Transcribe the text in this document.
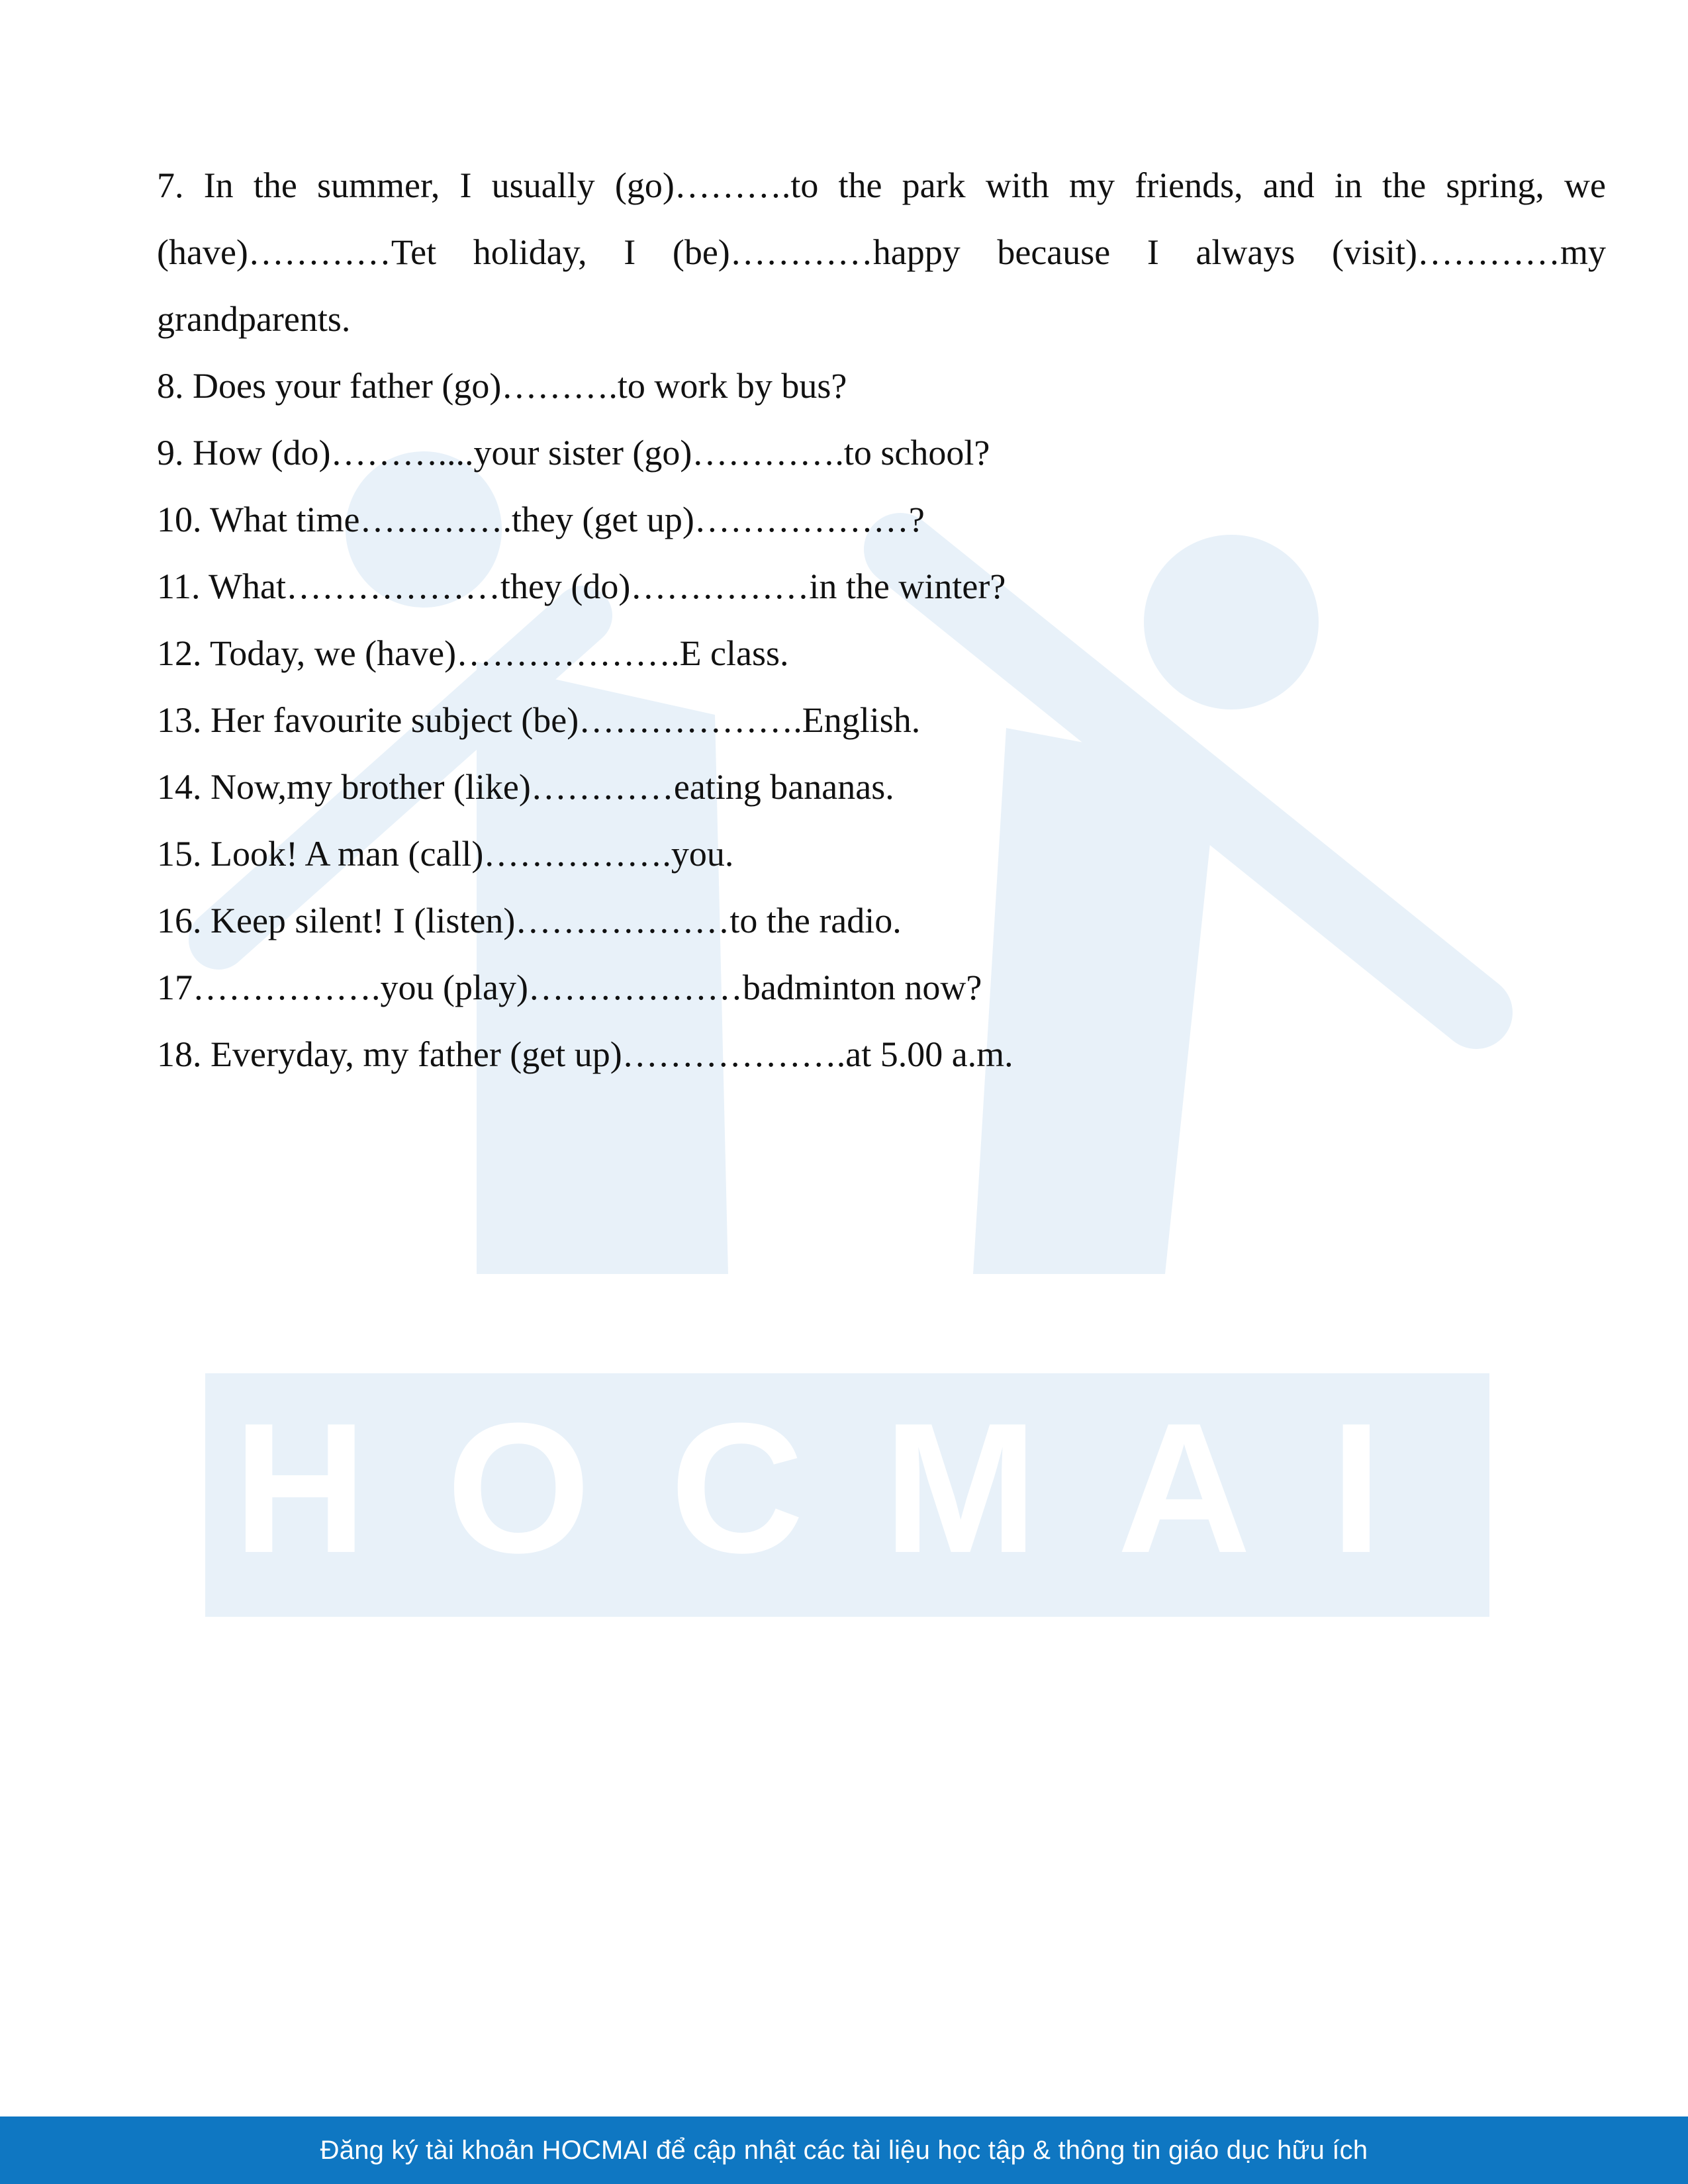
HOCMAI

7. In the summer, I usually (go)……….to the park with my friends, and in the spring, we (have)…………Tet holiday, I (be)…………happy because I always (visit)…………my grandparents.

8. Does your father (go)……….to work by bus?

9. How (do)………....your sister (go)………….to school?

10. What time………….they (get up)………………?

11. What………………they (do)……………in the winter?

12. Today, we (have)……………….E class.

13. Her favourite subject (be)……………….English.

14. Now,my brother (like)…………eating bananas.

15. Look! A man (call)…………….you.

16. Keep silent! I (listen)………………to the radio.

17…………….you (play)………………badminton now?

18. Everyday, my father (get up)……………….at 5.00 a.m.

Đăng ký tài khoản HOCMAI để cập nhật các tài liệu học tập & thông tin giáo dục hữu ích
